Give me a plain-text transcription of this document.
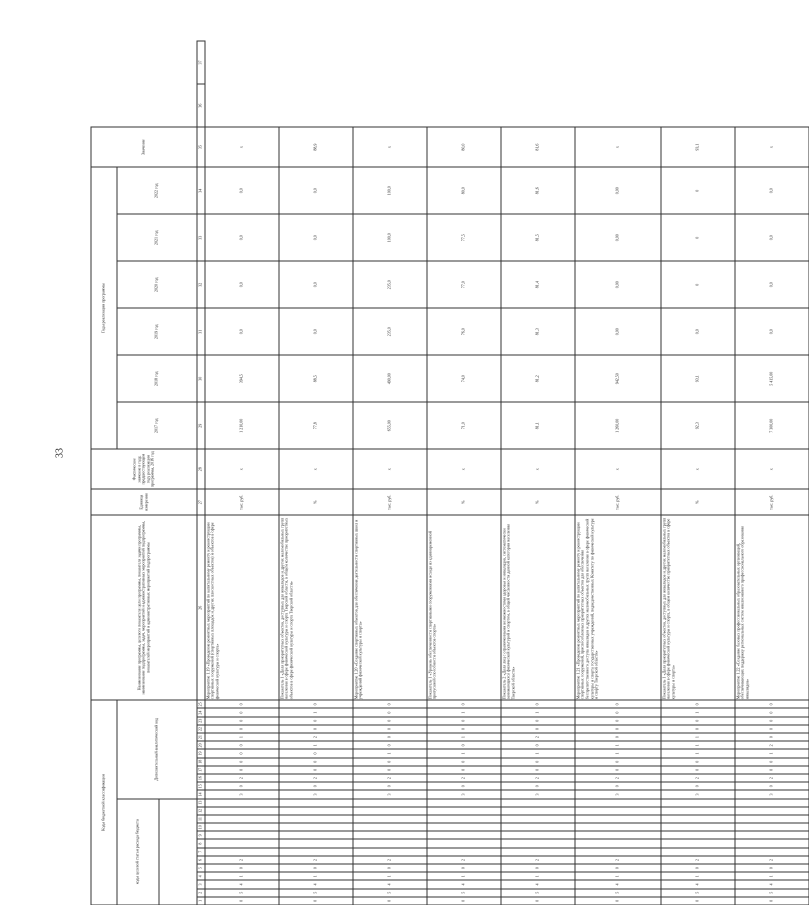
33
Коды бюджетной классификации																									Наименование программы, целевого показателя цели программы, показателя задачи программы, наименование подпрограммы, задач, мероприятий и административных мероприятий подпрограммы, показателей мероприятий и административных мероприятий подпрограммы	Единица измерения	Фактическое значение в году, предшествующем году реализации программы, 2016 год	Годы реализации программы						Значение		
коды целевой статьи расхода бюджета													Дополнительный аналитический код															2017 год	2018 год	2019 год	2020 год	2021 год	2022 год			

1	2	3	4	5	6	7	8	9	10	11	12	13	14	15	16	17	18	19	20	21	22	23	24	25	26	27	28	29	30	31	32	33	34	35	36	37
0	5	4	1	0	2								3	0	2	0	0	0	0	1	0	0	0	0	Мероприятие 1.19 «Проведение ремонтных мероприятий по капитальному ремонту и реконструкции спортивных сооружений (спортивных площадок и других плоскостных объектов) и объектов в сфере физической культуры и спорта»	тыс. руб.	х	1 210,00	394,5	0,0	0,0	0,0	0,0	х		
0	5	4	1	0	2								3	0	2	0	0	0	1	2	0	0	1	0	Показатель 1 «Доля приоритетных объектов, доступных для инвалидов и других маломобильных групп населения в сфере физической культуры и спорта Тверской области, в общем количестве приоритетных объектов в сфере физической культуры и спорта Тверской области»	%	х	77,8	88,5	0,0	0,0	0,0	0,0	88,9		
0	5	4	1	0	2								3	0	2	0	0	1	0	0	0	0	0	0	Мероприятие 1.20 «Создание спортивных объектов для обеспечения деятельности спортивных школ и учреждений физической культуры и спорта»	тыс. руб.	х	655,00	490,00	235,0	235,0	100,0	100,0	х		
0	5	4	1	0	2								3	0	2	0	0	1	0	1	0	0	1	0	Показатель 1 «Уровень обеспеченности спортивными сооружениями исходя из единовременной пропускной способности объектов спорта»	%	х	71,0	74,0	76,0	77,0	77,5	80,0	80,0		
0	5	4	1	0	2								3	0	2	0	0	1	0	2	0	0	1	0	Показатель 2 «Доля лиц с ограниченными возможностями здоровья и инвалидов, систематически занимающихся физической культурой и спортом, в общей численности данной категории населения Тверской области»	%	х	81,1	81,2	81,3	81,4	81,5	81,6	81,6		
0	5	4	1	0	2								3	0	2	0	0	1	1	0	0	0	0	0	Мероприятие 1.21 «Проведение ремонтных мероприятий по капитальному ремонту и реконструкции спортивных сооружений, приспособленных приоритетных объектов для обеспечения беспрепятственного доступа инвалидов и других маломобильных групп населения в сфере физической культуры и спорта государственных учреждений, подведомственных Комитету по физической культуре и спорту Тверской области»	тыс. руб.	х	1 260,00	942,50	0,00	0,00	0,00	0,00	х		
0	5	4	1	0	2								3	0	2	0	0	1	1	1	0	0	1	0	Показатель 1 «Доля приоритетных объектов, доступных для инвалидов и других маломобильных групп населения в сфере физической культуры и спорта, в общем количестве приоритетных объектов в сфере культуры и спорта»	%	х	92,3	93,1	0,0	0	0	0	93,1		
0	5	4	1	0	2								3	0	2	0	0	1	2	0	0	0	0	0	Мероприятие 1.22 «Создание базовых профессиональных образовательных организаций, обеспечивающих поддержку региональных систем инклюзивного профессионального образования инвалидов»	тыс. руб.	х	7 300,00	5 415,00	0,0	0,0	0,0	0,0	х		
